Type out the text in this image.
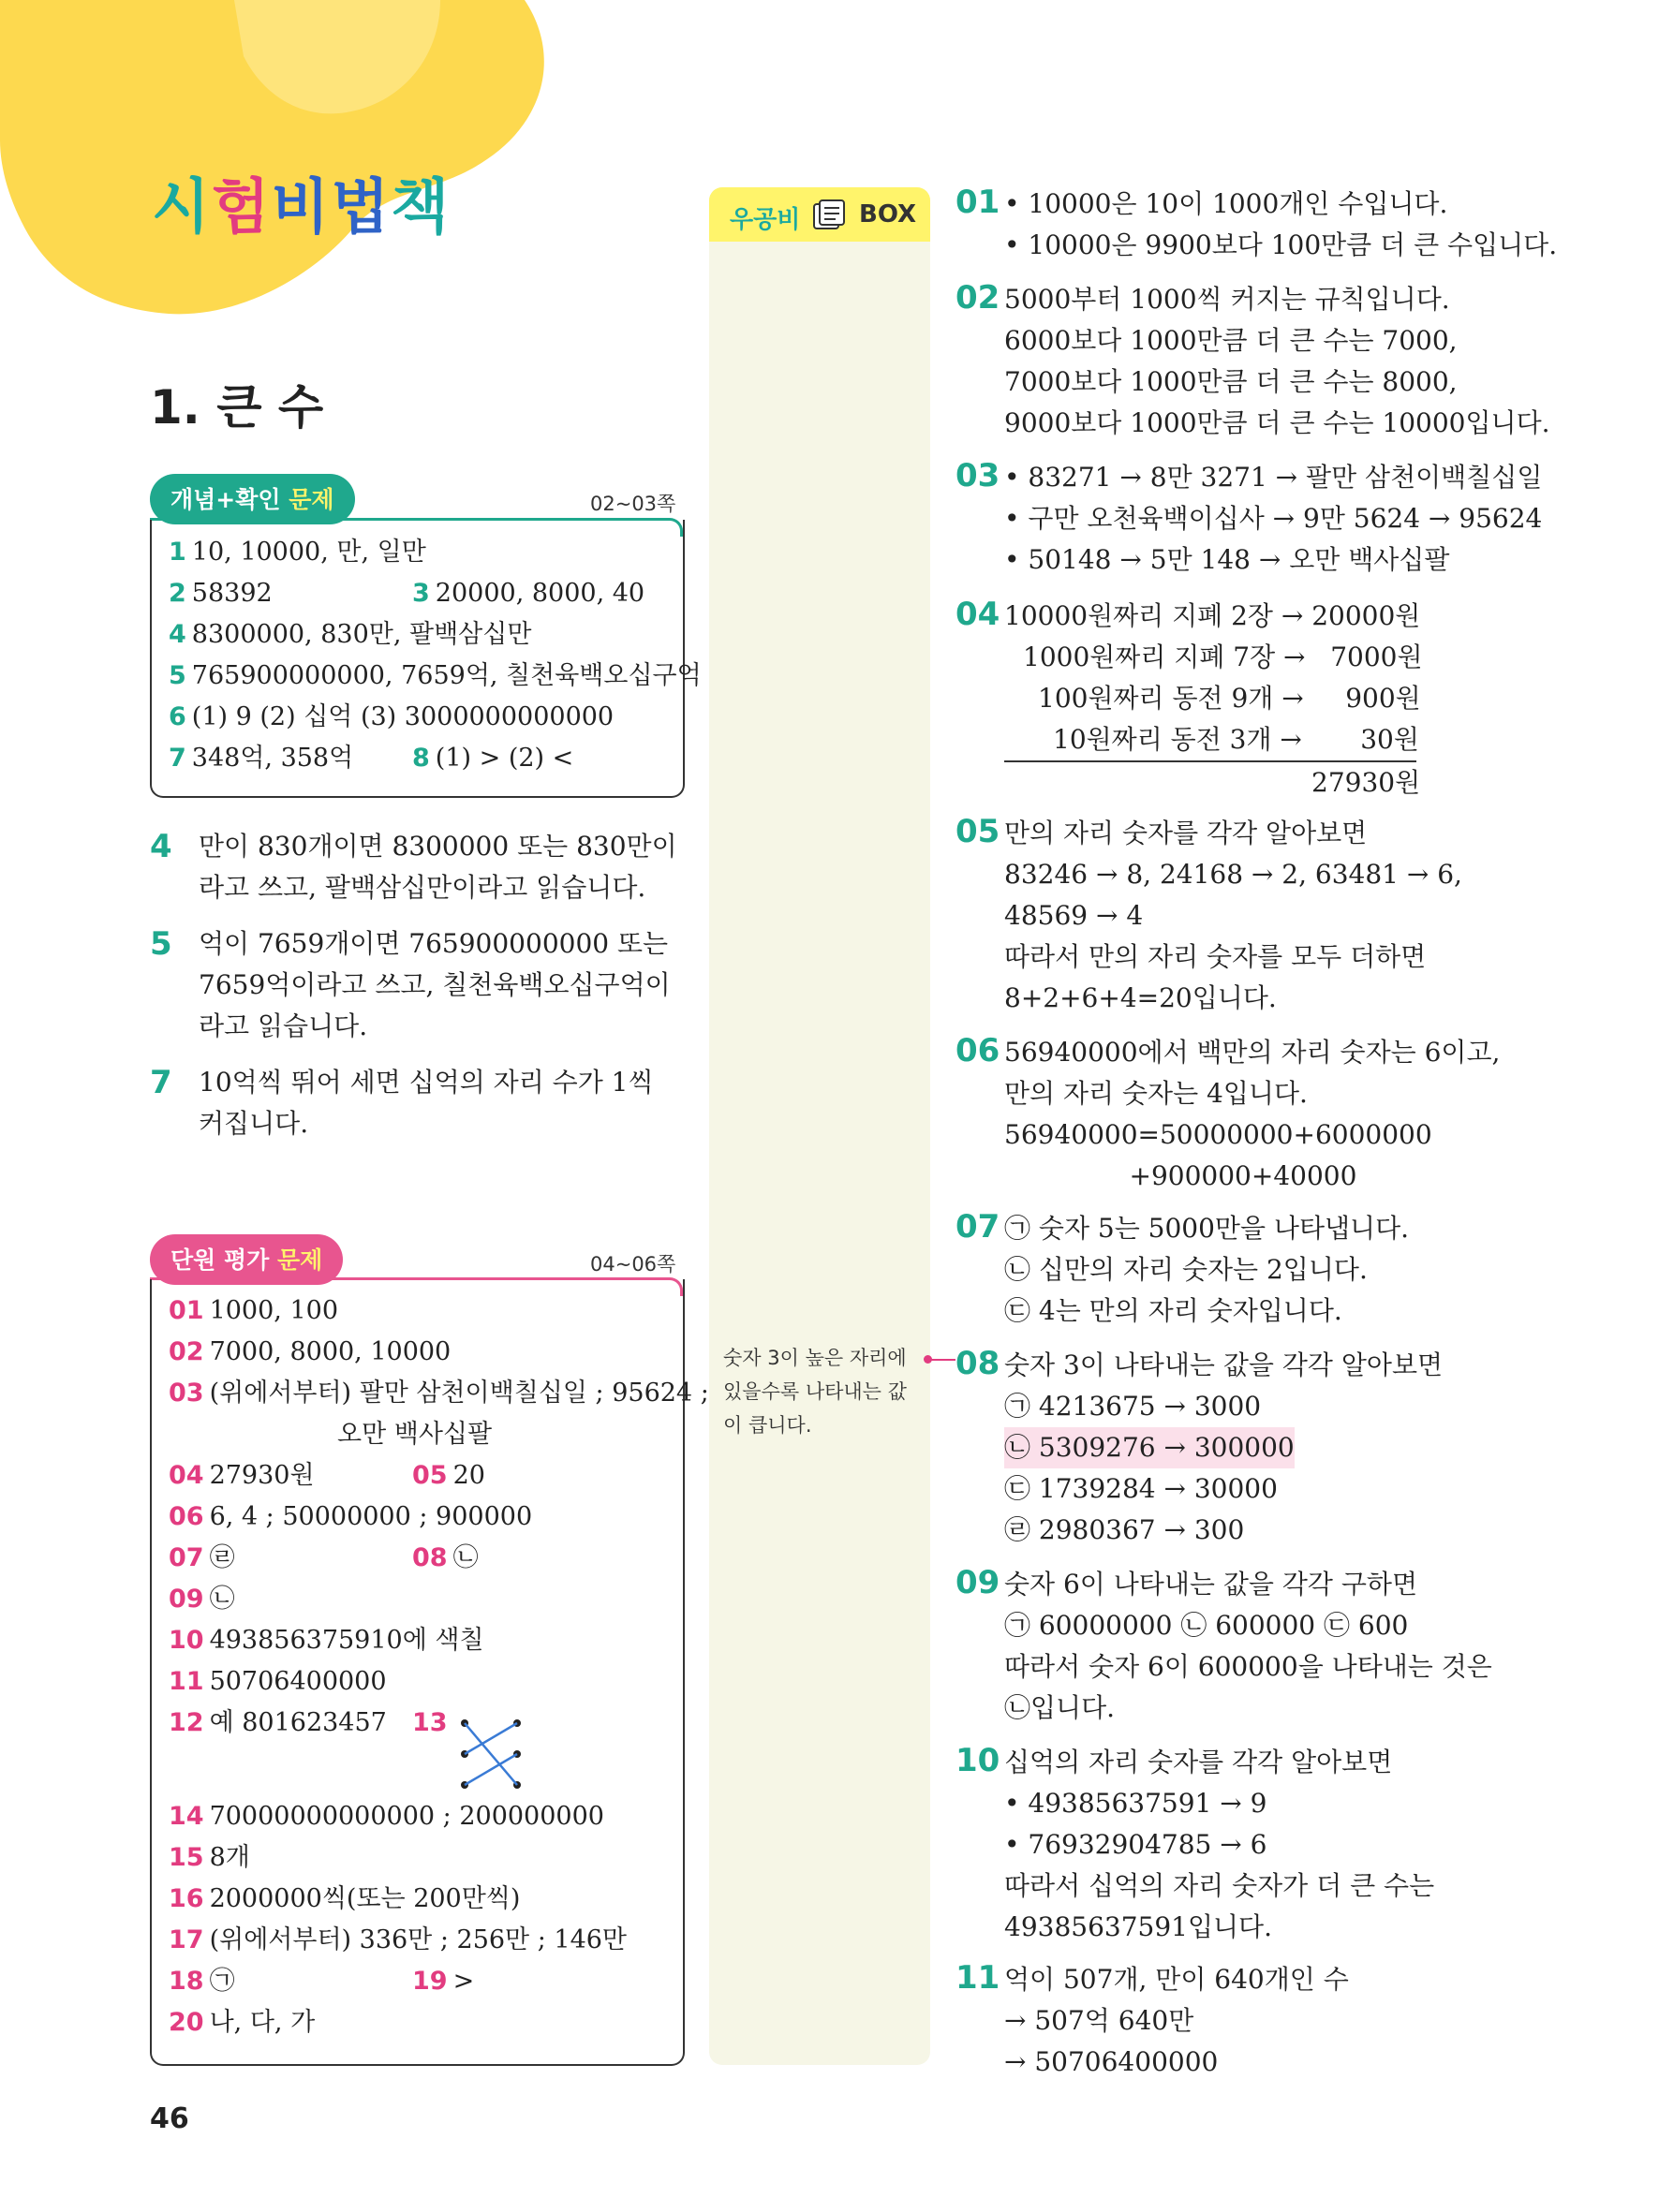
시험비법책
1. 큰 수
개념+확인 문제	02~03쪽
1 10, 10000, 만, 일만
2 58392	3 20000, 8000, 40
4 8300000, 830만, 팔백삼십만
5 765900000000, 7659억, 칠천육백오십구억
6 (1) 9 (2) 십억 (3) 3000000000000
7 348억, 358억 8 (1) > (2) <
4 만이 830개이면 8300000 또는 830만이라고 쓰고, 팔백삼십만이라고 읽습니다.
5 억이 7659개이면 765900000000 또는 7659억이라고 쓰고, 칠천육백오십구억이라고 읽습니다.
7 10억씩 뛰어 세면 십억의 자리 수가 1씩 커집니다.
단원 평가 문제	04~06쪽
01 1000, 100
02 7000, 8000, 10000
03 (위에서부터) 팔만 삼천이백칠십일 ; 95624 ;
오만 백사십팔
04 27930원	05 20
06 6, 4 ; 50000000 ; 900000
07 ㉣	08 ㉡
09 ㉡
10 493856375910에 색칠
11 50706400000
12 예 801623457 13
14 70000000000000 ; 200000000
15 8개
16 2000000씩(또는 200만씩)
17 (위에서부터) 336만 ; 256만 ; 146만
18 ㉠	19 >
20 나, 다, 가
우공비 BOX
숫자 3이 높은 자리에 있을수록 나타내는 값이 큽니다.
01 • 10000은 10이 1000개인 수입니다.
• 10000은 9900보다 100만큼 더 큰 수입니다.
02 5000부터 1000씩 커지는 규칙입니다.
6000보다 1000만큼 더 큰 수는 7000,
7000보다 1000만큼 더 큰 수는 8000,
9000보다 1000만큼 더 큰 수는 10000입니다.
03 • 83271 → 8만 3271 → 팔만 삼천이백칠십일
• 구만 오천육백이십사 → 9만 5624 → 95624
• 50148 → 5만 148 → 오만 백사십팔
04 10000원짜리 지폐 2장 → 20000원
1000원짜리 지폐 7장 →   7000원
100원짜리 동전 9개 →     900원
10원짜리 동전 3개 →       30원
27930원
05 만의 자리 숫자를 각각 알아보면
83246 → 8, 24168 → 2, 63481 → 6,
48569 → 4
따라서 만의 자리 숫자를 모두 더하면
8+2+6+4=20입니다.
06 56940000에서 백만의 자리 숫자는 6이고,
만의 자리 숫자는 4입니다.
56940000=50000000+6000000
+900000+40000
07 ㉠ 숫자 5는 5000만을 나타냅니다.
㉡ 십만의 자리 숫자는 2입니다.
㉢ 4는 만의 자리 숫자입니다.
08 숫자 3이 나타내는 값을 각각 알아보면
㉠ 4213675 → 3000
㉡ 5309276 → 300000
㉢ 1739284 → 30000
㉣ 2980367 → 300
09 숫자 6이 나타내는 값을 각각 구하면
㉠ 60000000 ㉡ 600000 ㉢ 600
따라서 숫자 6이 600000을 나타내는 것은
㉡입니다.
10 십억의 자리 숫자를 각각 알아보면
• 49385637591 → 9
• 76932904785 → 6
따라서 십억의 자리 숫자가 더 큰 수는
49385637591입니다.
11 억이 507개, 만이 640개인 수
→ 507억 640만
→ 50706400000
46
